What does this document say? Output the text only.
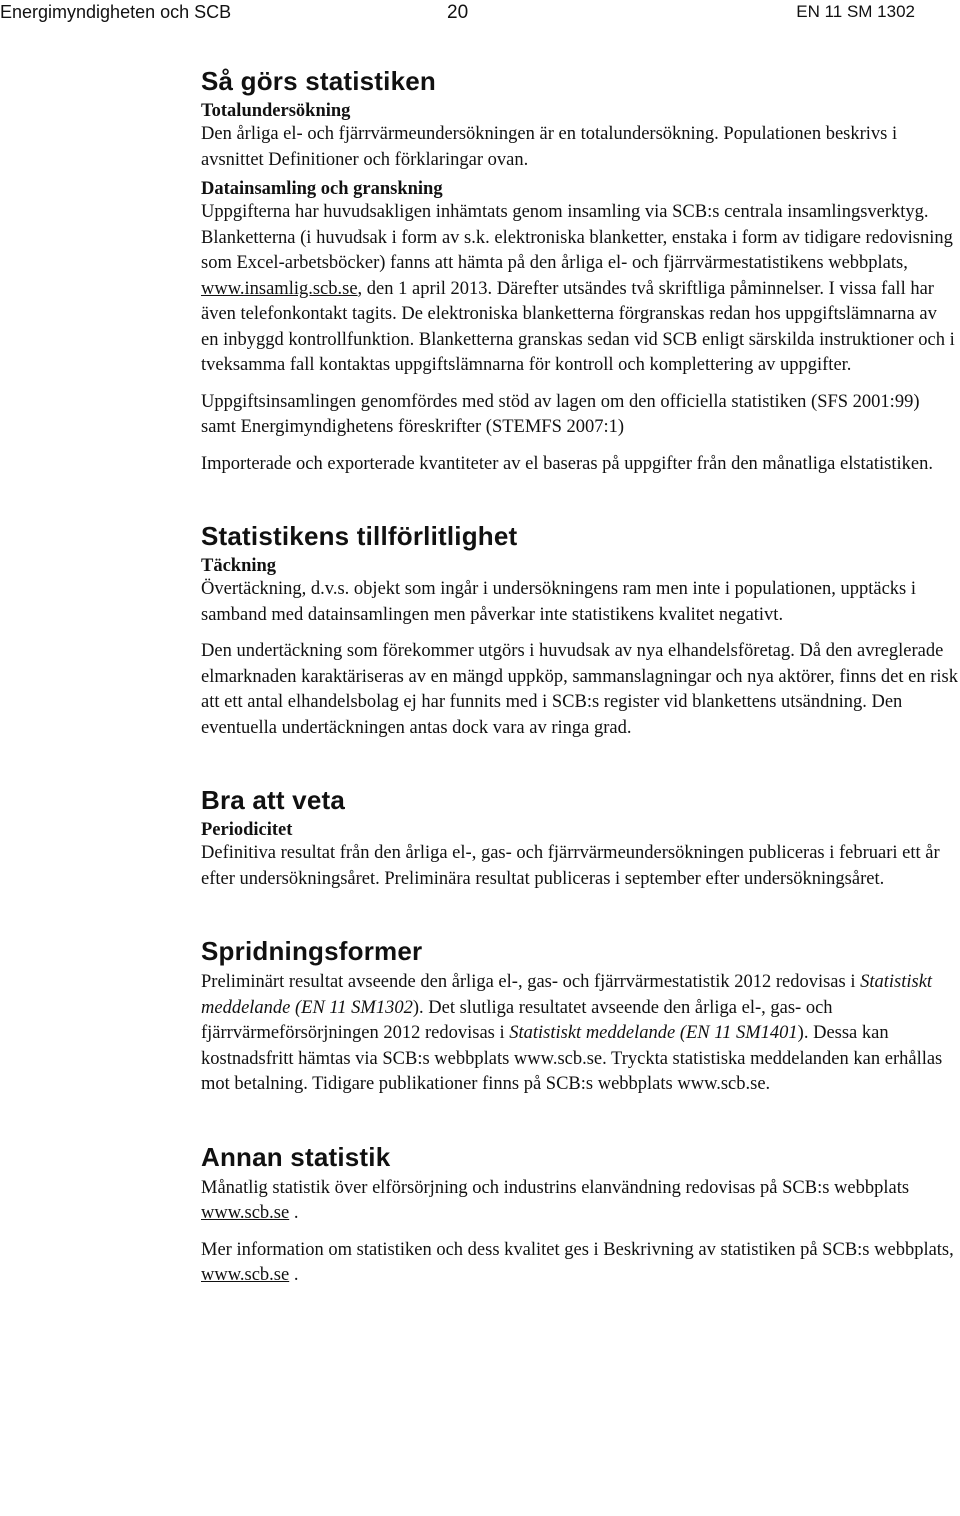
Energimyndigheten och SCB	20	EN 11 SM 1302
Så görs statistiken
Totalundersökning

Den årliga el- och fjärrvärmeundersökningen är en totalundersökning. Populationen beskrivs i avsnittet Definitioner och förklaringar ovan.

Datainsamling och granskning

Uppgifterna har huvudsakligen inhämtats genom insamling via SCB:s centrala insamlingsverktyg. Blanketterna (i huvudsak i form av s.k. elektroniska blanketter, enstaka i form av tidigare redovisning som Excel-arbetsböcker) fanns att hämta på den årliga el- och fjärrvärmestatistikens webbplats, www.insamlig.scb.se, den 1 april 2013. Därefter utsändes två skriftliga påminnelser. I vissa fall har även telefonkontakt tagits. De elektroniska blanketterna förgranskas redan hos uppgiftslämnarna av en inbyggd kontrollfunktion. Blanketterna granskas sedan vid SCB enligt särskilda instruktioner och i tveksamma fall kontaktas uppgiftslämnarna för kontroll och komplettering av uppgifter.

Uppgiftsinsamlingen genomfördes med stöd av lagen om den officiella statistiken (SFS 2001:99) samt Energimyndighetens föreskrifter (STEMFS 2007:1)

Importerade och exporterade kvantiteter av el baseras på uppgifter från den månatliga elstatistiken.

Statistikens tillförlitlighet
Täckning

Övertäckning, d.v.s. objekt som ingår i undersökningens ram men inte i populationen, upptäcks i samband med datainsamlingen men påverkar inte statistikens kvalitet negativt.

Den undertäckning som förekommer utgörs i huvudsak av nya elhandelsföretag. Då den avreglerade elmarknaden karaktäriseras av en mängd uppköp, sammanslagningar och nya aktörer, finns det en risk att ett antal elhandelsbolag ej har funnits med i SCB:s register vid blankettens utsändning. Den eventuella undertäckningen antas dock vara av ringa grad.

Bra att veta
Periodicitet

Definitiva resultat från den årliga el-, gas- och fjärrvärmeundersökningen publiceras i februari ett år efter undersökningsåret. Preliminära resultat publiceras i september efter undersökningsåret.

Spridningsformer

Preliminärt resultat avseende den årliga el-, gas- och fjärrvärmestatistik 2012 redovisas i Statistiskt meddelande (EN 11 SM1302). Det slutliga resultatet avseende den årliga el-, gas- och fjärrvärmeförsörjningen 2012 redovisas i Statistiskt meddelande (EN 11 SM1401). Dessa kan kostnadsfritt hämtas via SCB:s webbplats www.scb.se. Tryckta statistiska meddelanden kan erhållas mot betalning. Tidigare publikationer finns på SCB:s webbplats www.scb.se.

Annan statistik

Månatlig statistik över elförsörjning och industrins elanvändning redovisas på SCB:s webbplats www.scb.se .

Mer information om statistiken och dess kvalitet ges i Beskrivning av statistiken på SCB:s webbplats, www.scb.se .
